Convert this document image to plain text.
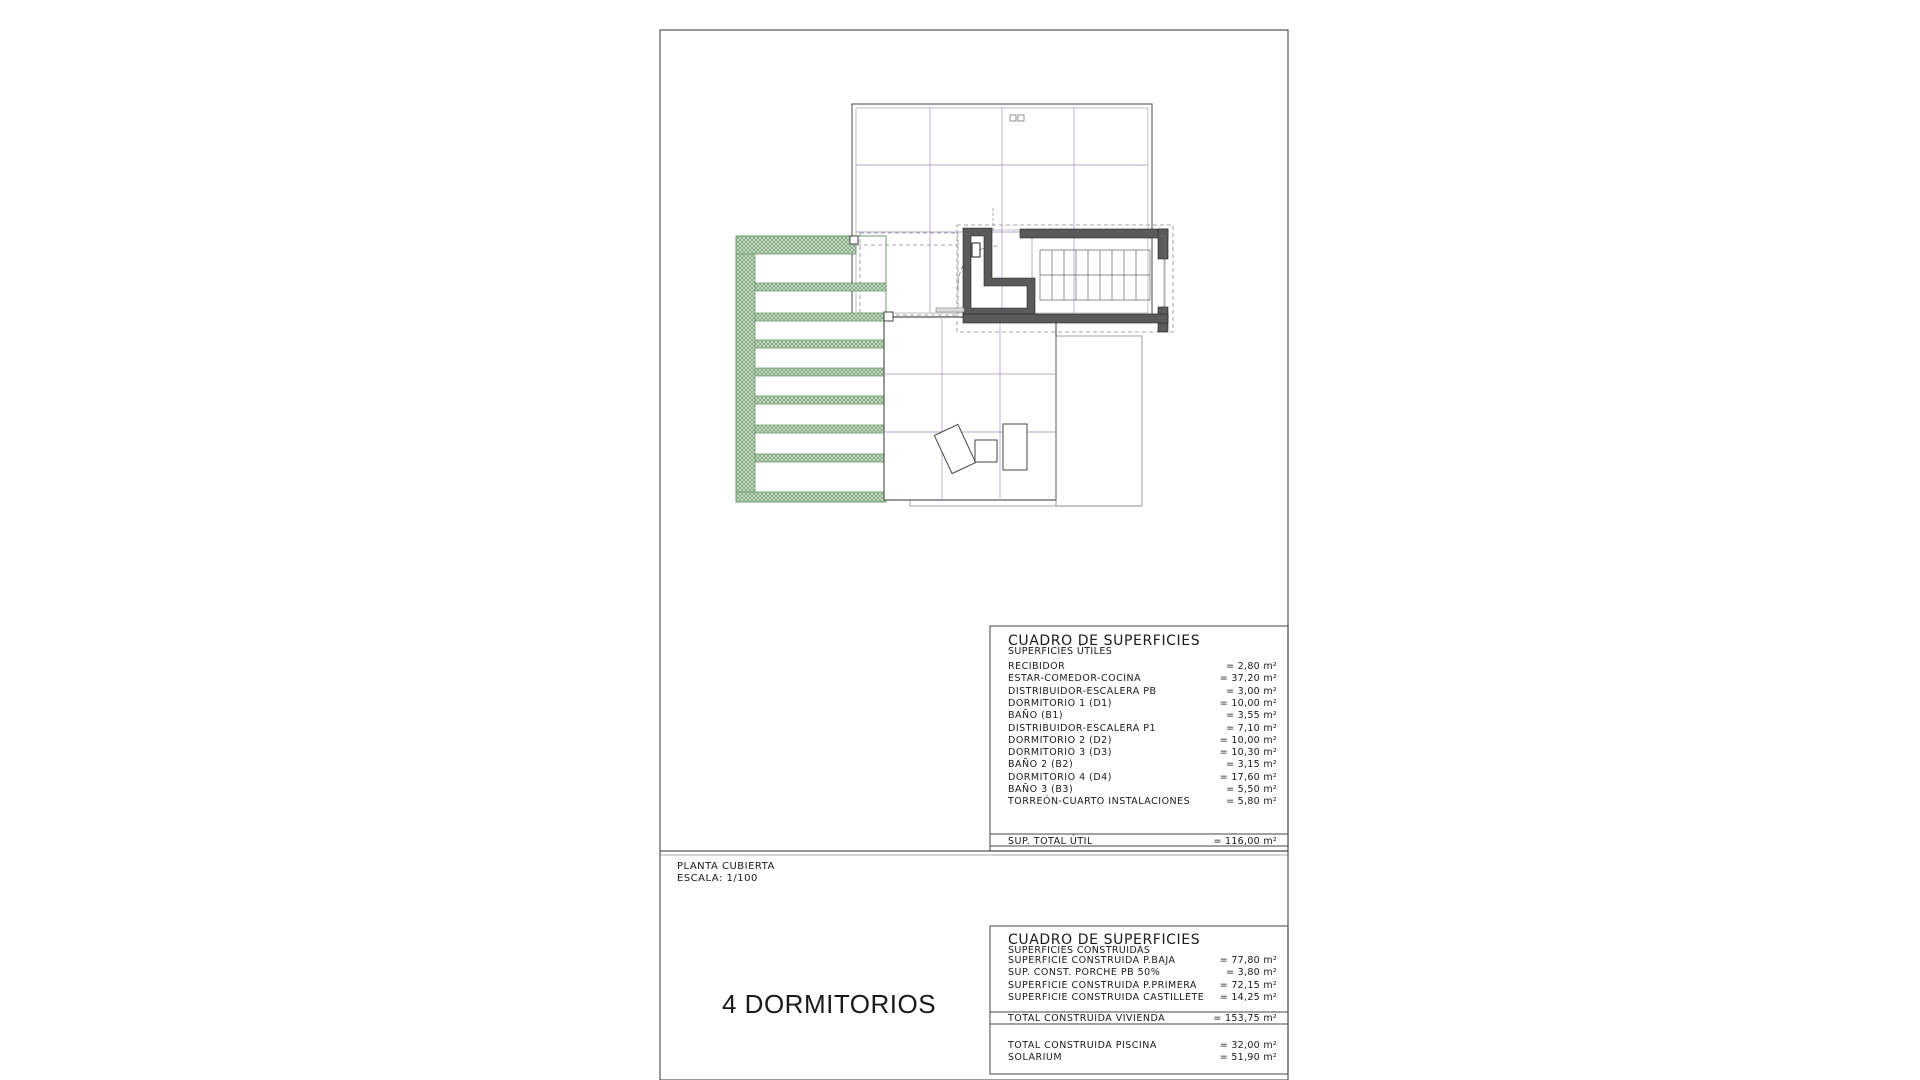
PLANTA CUBIERTA
ESCALA: 1/100
4 DORMITORIOS
CUADRO DE SUPERFICIES
SUPERFICIES ÚTILES
RECIBIDOR	= 2,80 m²
ESTAR-COMEDOR-COCINA	= 37,20 m²
DISTRIBUIDOR-ESCALERA PB	= 3,00 m²
DORMITORIO 1 (D1)	= 10,00 m²
BAÑO (B1)	= 3,55 m²
DISTRIBUIDOR-ESCALERA P1	= 7,10 m²
DORMITORIO 2 (D2)	= 10,00 m²
DORMITORIO 3 (D3)	= 10,30 m²
BAÑO 2 (B2)	= 3,15 m²
DORMITORIO 4 (D4)	= 17,60 m²
BAÑO 3 (B3)	= 5,50 m²
TORREÓN-CUARTO INSTALACIONES	= 5,80 m²
SUP. TOTAL ÚTIL	= 116,00 m²
CUADRO DE SUPERFICIES
SUPERFICIES CONSTRUIDAS
SUPERFICIE CONSTRUIDA P.BAJA	= 77,80 m²
SUP. CONST. PORCHE PB 50%	= 3,80 m²
SUPERFICIE CONSTRUIDA P.PRIMERA = 72,15 m²
SUPERFICIE CONSTRUIDA CASTILLETE = 14,25 m²
TOTAL CONSTRUIDA VIVIENDA	= 153,75 m²
TOTAL CONSTRUIDA PISCINA	= 32,00 m²
SOLARIUM	= 51,90 m²
